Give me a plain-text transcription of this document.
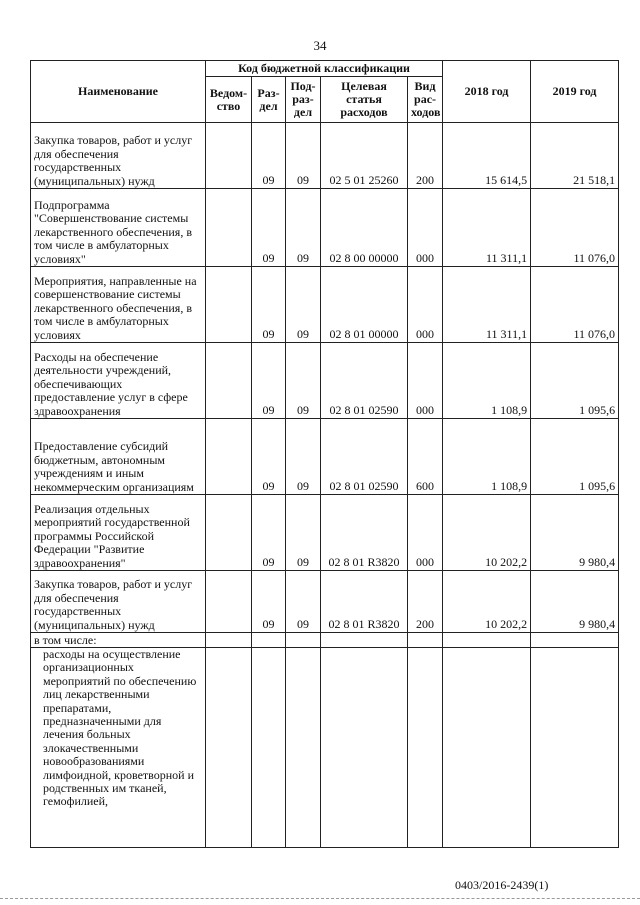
34
Наименование	Код бюджетной классификации					2018 год	2019 год
	Ведом-ство	Раз-дел	Под-раз-дел	Целевая статья расходов	Вид рас-ходов		
Закупка товаров, работ и услуг для обеспечения государственных (муниципальных) нужд		09	09	02 5 01 25260	200	15 614,5	21 518,1
Подпрограмма "Совершенствование системы лекарственного обеспечения, в том числе в амбулаторных условиях"		09	09	02 8 00 00000	000	11 311,1	11 076,0
Мероприятия, направленные на совершенствование системы лекарственного обеспечения, в том числе в амбулаторных условиях		09	09	02 8 01 00000	000	11 311,1	11 076,0
Расходы на обеспечение деятельности учреждений, обеспечивающих предоставление услуг в сфере здравоохранения		09	09	02 8 01 02590	000	1 108,9	1 095,6
Предоставление субсидий бюджетным, автономным учреждениям и иным некоммерческим организациям		09	09	02 8 01 02590	600	1 108,9	1 095,6
Реализация отдельных мероприятий государственной программы Российской Федерации "Развитие здравоохранения"		09	09	02 8 01 R3820	000	10 202,2	9 980,4
Закупка товаров, работ и услуг для обеспечения государственных (муниципальных) нужд		09	09	02 8 01 R3820	200	10 202,2	9 980,4
в том числе:							
расходы на осуществление организационных мероприятий по обеспечению лиц лекарственными препаратами, предназначенными для лечения больных злокачественными новообразованиями лимфоидной, кроветворной и родственных им тканей, гемофилией,							
0403/2016-2439(1)
